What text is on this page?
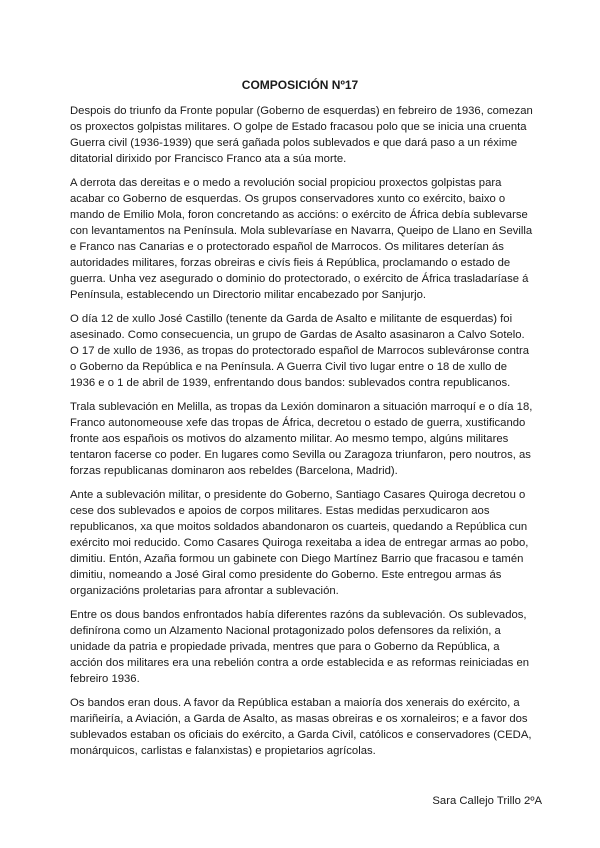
COMPOSICIÓN Nº17

Despois do triunfo da Fronte popular (Goberno de esquerdas) en febreiro de 1936, comezan
os proxectos golpistas militares. O golpe de Estado fracasou polo que se inicia una cruenta
Guerra civil (1936-1939) que será gañada polos sublevados e que dará paso a un réxime
ditatorial dirixido por Francisco Franco ata a súa morte.

A derrota das dereitas e o medo a revolución social propiciou proxectos golpistas para
acabar co Goberno de esquerdas. Os grupos conservadores xunto co exército, baixo o
mando de Emilio Mola, foron concretando as accións: o exército de África debía sublevarse
con levantamentos na Península. Mola sublevaríase en Navarra, Queipo de Llano en Sevilla
e Franco nas Canarias e o protectorado español de Marrocos. Os militares deterían ás
autoridades militares, forzas obreiras e civís fieis á República, proclamando o estado de
guerra. Unha vez asegurado o dominio do protectorado, o exército de África trasladaríase á
Península, establecendo un Directorio militar encabezado por Sanjurjo.

O día 12 de xullo José Castillo (tenente da Garda de Asalto e militante de esquerdas) foi
asesinado. Como consecuencia, un grupo de Gardas de Asalto asasinaron a Calvo Sotelo.
O 17 de xullo de 1936, as tropas do protectorado español de Marrocos subleváronse contra
o Goberno da República e na Península. A Guerra Civil tivo lugar entre o 18 de xullo de
1936 e o 1 de abril de 1939, enfrentando dous bandos: sublevados contra republicanos.

Trala sublevación en Melilla, as tropas da Lexión dominaron a situación marroquí e o día 18,
Franco autonomeouse xefe das tropas de África, decretou o estado de guerra, xustificando
fronte aos españois os motivos do alzamento militar. Ao mesmo tempo, algúns militares
tentaron facerse co poder. En lugares como Sevilla ou Zaragoza triunfaron, pero noutros, as
forzas republicanas dominaron aos rebeldes (Barcelona, Madrid).

Ante a sublevación militar, o presidente do Goberno, Santiago Casares Quiroga decretou o
cese dos sublevados e apoios de corpos militares. Estas medidas perxudicaron aos
republicanos, xa que moitos soldados abandonaron os cuarteis, quedando a República cun
exército moi reducido. Como Casares Quiroga rexeitaba a idea de entregar armas ao pobo,
dimitiu. Entón, Azaña formou un gabinete con Diego Martínez Barrio que fracasou e tamén
dimitiu, nomeando a José Giral como presidente do Goberno. Este entregou armas ás
organizacións proletarias para afrontar a sublevación.

Entre os dous bandos enfrontados había diferentes razóns da sublevación. Os sublevados,
definírona como un Alzamento Nacional protagonizado polos defensores da relixión, a
unidade da patria e propiedade privada, mentres que para o Goberno da República, a
acción dos militares era una rebelión contra a orde establecida e as reformas reiniciadas en
febreiro 1936.

Os bandos eran dous. A favor da República estaban a maioría dos xenerais do exército, a
mariñeiría, a Aviación, a Garda de Asalto, as masas obreiras e os xornaleiros; e a favor dos
sublevados estaban os oficiais do exército, a Garda Civil, católicos e conservadores (CEDA,
monárquicos, carlistas e falanxistas) e propietarios agrícolas.

Sara Callejo Trillo 2ºA
